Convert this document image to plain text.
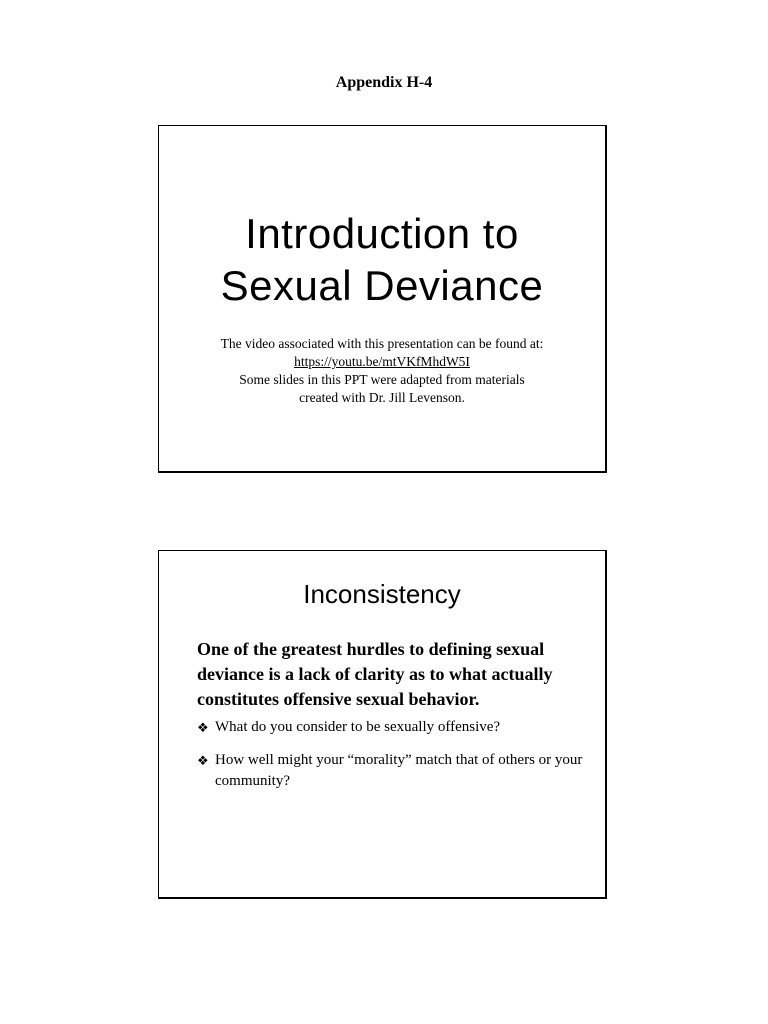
Appendix H-4
Introduction to
Sexual Deviance
The video associated with this presentation can be found at:
https://youtu.be/mtVKfMhdW5I
Some slides in this PPT were adapted from materials
created with Dr. Jill Levenson.
Inconsistency
One of the greatest hurdles to defining sexual deviance is a lack of clarity as to what actually constitutes offensive sexual behavior.
❖ What do you consider to be sexually offensive?
❖ How well might your “morality” match that of others or your community?
